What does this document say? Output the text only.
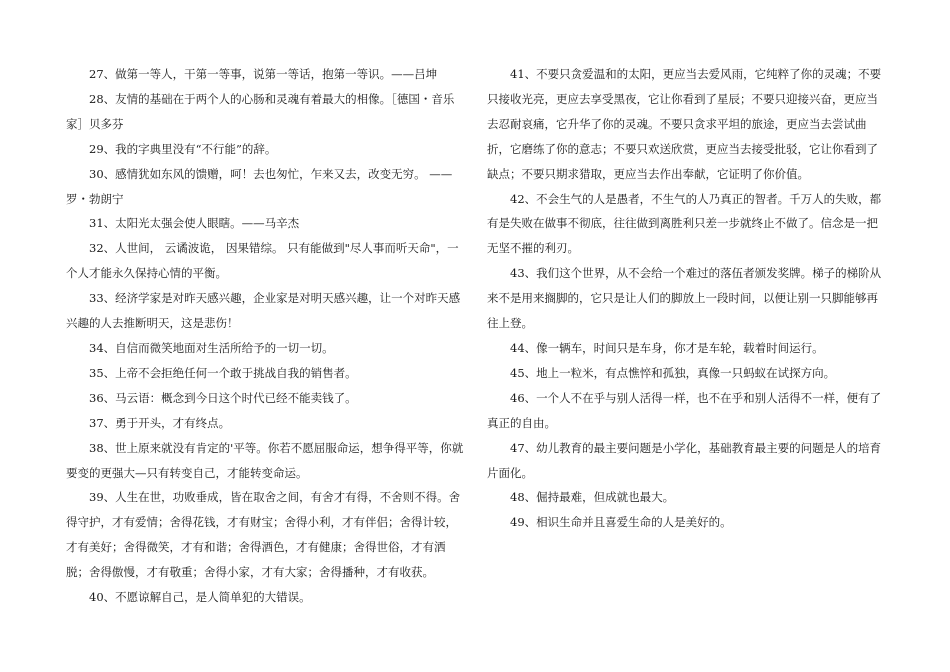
27、做第一等人，干第一等事，说第一等话，抱第一等识。——吕坤

28、友情的基础在于两个人的心肠和灵魂有着最大的相像。［德国・音乐家］贝多芬

29、我的字典里没有“不行能”的辞。

30、感情犹如东风的馈赠，呵！去也匆忙，乍来又去，改变无穷。 ——罗・勃朗宁

31、太阳光太强会使人眼瞎。——马辛杰

32、人世间， 云谲波诡， 因果错综。 只有能做到"尽人事而听天命"，一个人才能永久保持心情的平衡。

33、经济学家是对昨天感兴趣，企业家是对明天感兴趣，让一个对昨天感兴趣的人去推断明天，这是悲伤！

34、自信而微笑地面对生活所给予的一切一切。

35、上帝不会拒绝任何一个敢于挑战自我的销售者。

36、马云语：概念到今日这个时代已经不能卖钱了。

37、勇于开头，才有终点。

38、世上原来就没有肯定的'平等。你若不愿屈服命运，想争得平等，你就要变的更强大—只有转变自己，才能转变命运。

39、人生在世，功败垂成，皆在取舍之间，有舍才有得，不舍则不得。舍得守护，才有爱情；舍得花钱，才有财宝；舍得小利，才有伴侣；舍得计较，才有美好；舍得微笑，才有和谐；舍得酒色，才有健康；舍得世俗，才有洒脱；舍得傲慢，才有敬重；舍得小家，才有大家；舍得播种，才有收获。

40、不愿谅解自己，是人简单犯的大错误。

41、不要只贪爱温和的太阳，更应当去爱风雨，它纯粹了你的灵魂；不要只接收光亮，更应去享受黑夜，它让你看到了星辰；不要只迎接兴奋，更应当去忍耐哀痛，它升华了你的灵魂。不要只贪求平坦的旅途，更应当去尝试曲折，它磨练了你的意志；不要只欢送欣赏，更应当去接受批驳，它让你看到了缺点；不要只期求猎取，更应当去作出奉献，它证明了你价值。

42、不会生气的人是愚者，不生气的人乃真正的智者。千万人的失败，都有是失败在做事不彻底，往往做到离胜利只差一步就终止不做了。信念是一把无坚不摧的利刃。

43、我们这个世界，从不会给一个难过的落伍者颁发奖牌。梯子的梯阶从来不是用来搁脚的，它只是让人们的脚放上一段时间，以便让别一只脚能够再往上登。

44、像一辆车，时间只是车身，你才是车轮，载着时间运行。

45、地上一粒米，有点憔悴和孤独，真像一只蚂蚁在试探方向。

46、一个人不在乎与别人活得一样，也不在乎和别人活得不一样，便有了真正的自由。

47、幼儿教育的最主要问题是小学化，基础教育最主要的问题是人的培育片面化。

48、倔持最难，但成就也最大。

49、相识生命并且喜爱生命的人是美好的。
